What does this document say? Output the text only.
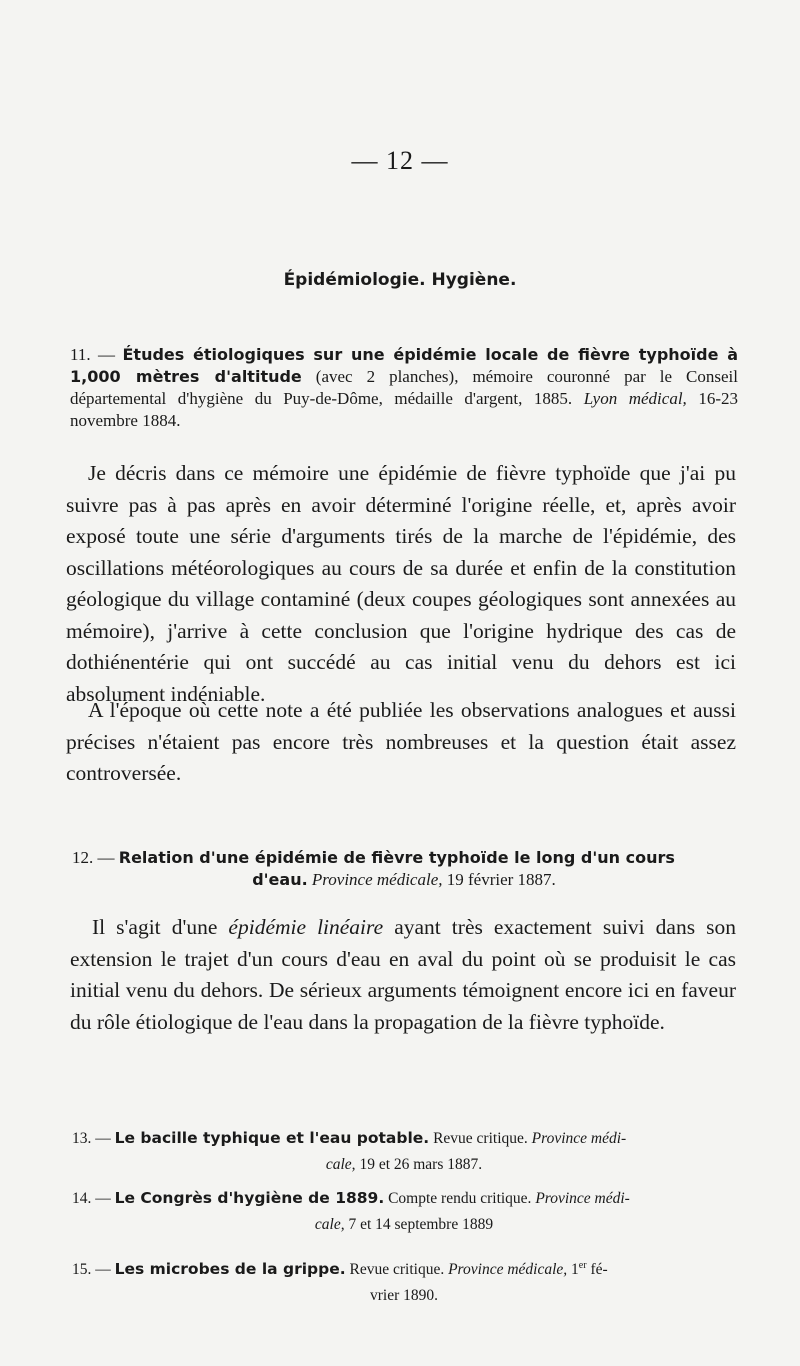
— 12 —
Épidémiologie. Hygiène.
11. — Études étiologiques sur une épidémie locale de fièvre typhoïde à 1,000 mètres d'altitude (avec 2 planches), mémoire couronné par le Conseil départemental d'hygiène du Puy-de-Dôme, médaille d'argent, 1885. Lyon médical, 16-23 novembre 1884.

Je décris dans ce mémoire une épidémie de fièvre typhoïde que j'ai pu suivre pas à pas après en avoir déterminé l'origine réelle, et, après avoir exposé toute une série d'arguments tirés de la marche de l'épidémie, des oscillations météorologiques au cours de sa durée et enfin de la constitution géologique du village contaminé (deux coupes géologiques sont annexées au mémoire), j'arrive à cette conclusion que l'origine hydrique des cas de dothiénentérie qui ont succédé au cas initial venu du dehors est ici absolument indéniable.

A l'époque où cette note a été publiée les observations analogues et aussi précises n'étaient pas encore très nombreuses et la question était assez controversée.

12. — Relation d'une épidémie de fièvre typhoïde le long d'un cours
d'eau. Province médicale, 19 février 1887.

Il s'agit d'une épidémie linéaire ayant très exactement suivi dans son extension le trajet d'un cours d'eau en aval du point où se produisit le cas initial venu du dehors. De sérieux arguments témoignent encore ici en faveur du rôle étiologique de l'eau dans la propagation de la fièvre typhoïde.

13. — Le bacille typhique et l'eau potable. Revue critique. Province médi-
cale, 19 et 26 mars 1887.
14. — Le Congrès d'hygiène de 1889. Compte rendu critique. Province médi-
cale, 7 et 14 septembre 1889
15. — Les microbes de la grippe. Revue critique. Province médicale, 1er fé-
vrier 1890.
